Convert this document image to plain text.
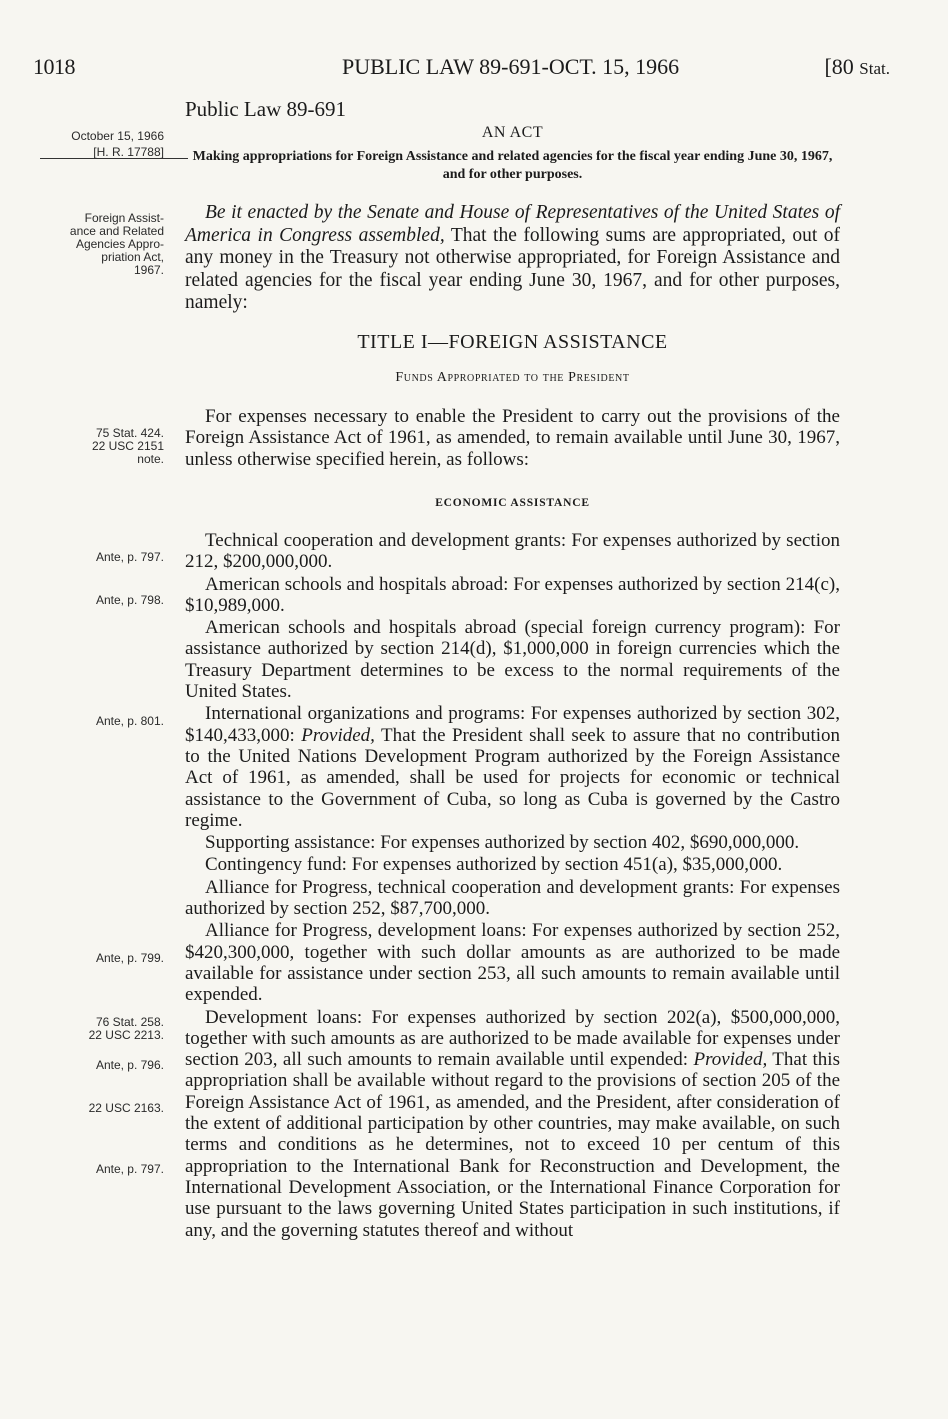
1018	PUBLIC LAW 89-691-OCT. 15, 1966	[80 Stat.
Public Law 89-691
October 15, 1966	AN ACT
[H. R. 17788]	Making appropriations for Foreign Assistance and related agencies for the fiscal year ending June 30, 1967, and for other purposes.
Foreign Assist-
ance and Related
Agencies Appro-
priation Act,
1967.

Be it enacted by the Senate and House of Representatives of the United States of America in Congress assembled, That the following sums are appropriated, out of any money in the Treasury not otherwise appropriated, for Foreign Assistance and related agencies for the fiscal year ending June 30, 1967, and for other purposes, namely:

TITLE I—FOREIGN ASSISTANCE
Funds Appropriated to the President
75 Stat. 424.
22 USC 2151
note.

For expenses necessary to enable the President to carry out the provisions of the Foreign Assistance Act of 1961, as amended, to remain available until June 30, 1967, unless otherwise specified herein, as follows:

ECONOMIC ASSISTANCE
Ante, p. 797.
Ante, p. 798.
Ante, p. 801.
Ante, p. 799.
76 Stat. 258.
22 USC 2213.
Ante, p. 796.
22 USC 2163.
Ante, p. 797.

Technical cooperation and development grants: For expenses authorized by section 212, $200,000,000.

American schools and hospitals abroad: For expenses authorized by section 214(c), $10,989,000.

American schools and hospitals abroad (special foreign currency program): For assistance authorized by section 214(d), $1,000,000 in foreign currencies which the Treasury Department determines to be excess to the normal requirements of the United States.

International organizations and programs: For expenses authorized by section 302, $140,433,000: Provided, That the President shall seek to assure that no contribution to the United Nations Development Program authorized by the Foreign Assistance Act of 1961, as amended, shall be used for projects for economic or technical assistance to the Government of Cuba, so long as Cuba is governed by the Castro regime.

Supporting assistance: For expenses authorized by section 402, $690,000,000.

Contingency fund: For expenses authorized by section 451(a), $35,000,000.

Alliance for Progress, technical cooperation and development grants: For expenses authorized by section 252, $87,700,000.

Alliance for Progress, development loans: For expenses authorized by section 252, $420,300,000, together with such dollar amounts as are authorized to be made available for assistance under section 253, all such amounts to remain available until expended.

Development loans: For expenses authorized by section 202(a), $500,000,000, together with such amounts as are authorized to be made available for expenses under section 203, all such amounts to remain available until expended: Provided, That this appropriation shall be available without regard to the provisions of section 205 of the Foreign Assistance Act of 1961, as amended, and the President, after consideration of the extent of additional participation by other countries, may make available, on such terms and conditions as he determines, not to exceed 10 per centum of this appropriation to the International Bank for Reconstruction and Development, the International Development Association, or the International Finance Corporation for use pursuant to the laws governing United States participation in such institutions, if any, and the governing statutes thereof and without
